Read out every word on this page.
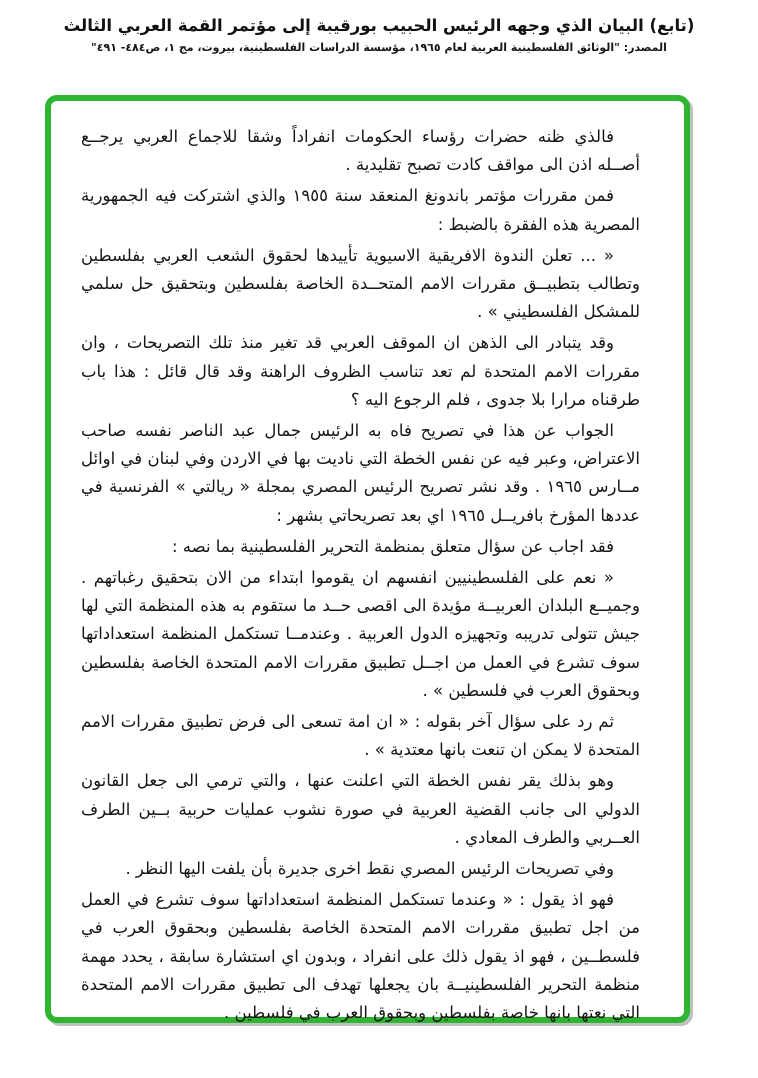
(تابع) البيان الذي وجهه الرئيس الحبيب بورقيبة إلى مؤتمر القمة العربي الثالث
المصدر: "الوثائق الفلسطينية العربية لعام ١٩٦٥، مؤسسة الدراسات الفلسطينية، بيروت، مج ١، ص٤٨٤- ٤٩١"

فالذي ظنه حضرات رؤساء الحكومات انفراداً وشقا للاجماع العربي يرجــع أصــله اذن الى مواقف كادت تصبح تقليدية .

فمن مقررات مؤتمر باندونغ المنعقد سنة ١٩٥٥ والذي اشتركت فيه الجمهورية المصرية هذه الفقرة بالضبط :

« ... تعلن الندوة الافريقية الاسيوية تأييدها لحقوق الشعب العربي بفلسطين وتطالب بتطبيــق مقررات الامم المتحــدة الخاصة بفلسطين وبتحقيق حل سلمي للمشكل الفلسطيني » .

وقد يتبادر الى الذهن ان الموقف العربي قد تغير منذ تلك التصريحات ، وان مقررات الامم المتحدة لم تعد تناسب الظروف الراهنة وقد قال قائل : هذا باب طرقناه مرارا بلا جدوى ، فلم الرجوع اليه ؟

الجواب عن هذا في تصريح فاه به الرئيس جمال عبد الناصر نفسه صاحب الاعتراض، وعبر فيه عن نفس الخطة التي ناديت بها في الاردن وفي لبنان في اوائل مــارس ١٩٦٥ . وقد نشر تصريح الرئيس المصري بمجلة « ريالتي » الفرنسية في عددها المؤرخ بافريــل ١٩٦٥ اي بعد تصريحاتي بشهر :

فقد اجاب عن سؤال متعلق بمنظمة التحرير الفلسطينية بما نصه :

« نعم على الفلسطينيين انفسهم ان يقوموا ابتداء من الان بتحقيق رغباتهم . وجميــع البلدان العربيــة مؤيدة الى اقصى حــد ما ستقوم به هذه المنظمة التي لها جيش تتولى تدريبه وتجهيزه الدول العربية . وعندمــا تستكمل المنظمة استعداداتها سوف تشرع في العمل من اجــل تطبيق مقررات الامم المتحدة الخاصة بفلسطين وبحقوق العرب في فلسطين » .

ثم رد على سؤال آخر بقوله : « ان امة تسعى الى فرض تطبيق مقررات الامم المتحدة لا يمكن ان تنعت بانها معتدية » .

وهو بذلك يقر نفس الخطة التي اعلنت عنها ، والتي ترمي الى جعل القانون الدولي الى جانب القضية العربية في صورة نشوب عمليات حربية بــين الطرف العــربي والطرف المعادي .

وفي تصريحات الرئيس المصري نقط اخرى جديرة بأن يلفت اليها النظر .

فهو اذ يقول : « وعندما تستكمل المنظمة استعداداتها سوف تشرع في العمل من اجل تطبيق مقررات الامم المتحدة الخاصة بفلسطين وبحقوق العرب في فلسطــين ، فهو اذ يقول ذلك على انفراد ، وبدون اي استشارة سابقة ، يحدد مهمة منظمة التحرير الفلسطينيــة بان يجعلها تهدف الى تطبيق مقررات الامم المتحدة التي نعتها بانها خاصة بفلسطين وبحقوق العرب في فلسطين .
